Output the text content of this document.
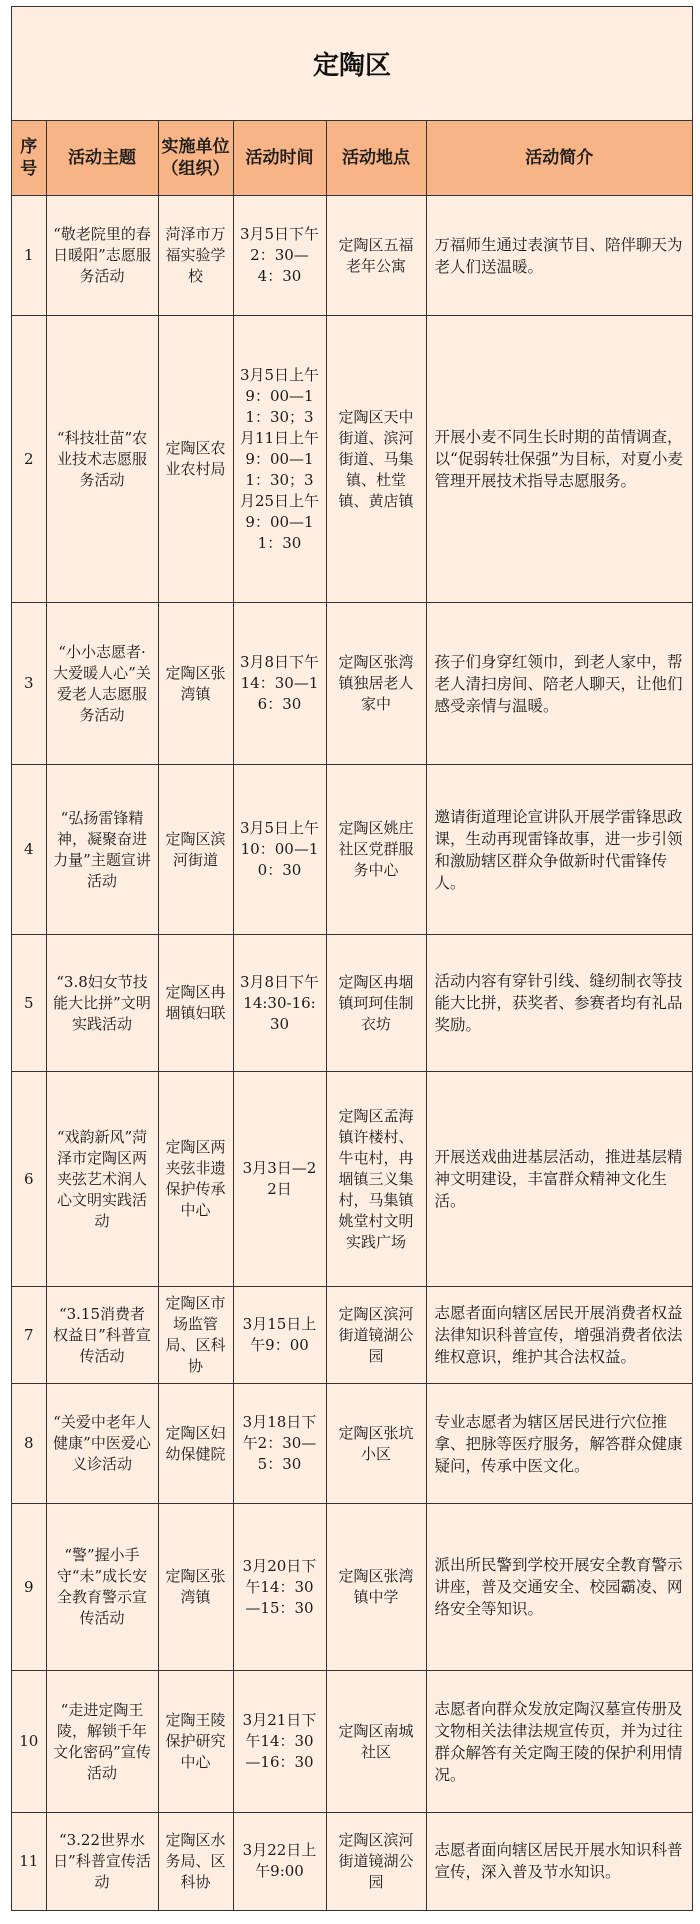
定陶区
序号	活动主题	实施单位（组织）	活动时间	活动地点	活动简介
1	“敬老院里的春日暖阳”志愿服务活动	菏泽市万福实验学校	3月5日下午2：30—4：30	定陶区五福老年公寓	万福师生通过表演节目、陪伴聊天为老人们送温暖。
2	“科技壮苗”农业技术志愿服务活动	定陶区农业农村局	3月5日上午9：00—11：30；3月11日上午9：00—11：30；3月25日上午9：00—11：30	定陶区天中街道、滨河街道、马集镇、杜堂镇、黄店镇	开展小麦不同生长时期的苗情调查，以“促弱转壮保强”为目标，对夏小麦管理开展技术指导志愿服务。
3	“小小志愿者·大爱暖人心”关爱老人志愿服务活动	定陶区张湾镇	3月8日下午14：30—16：30	定陶区张湾镇独居老人家中	孩子们身穿红领巾，到老人家中，帮老人清扫房间、陪老人聊天，让他们感受亲情与温暖。
4	“弘扬雷锋精神，凝聚奋进力量”主题宣讲活动	定陶区滨河街道	3月5日上午10：00—10：30	定陶区姚庄社区党群服务中心	邀请街道理论宣讲队开展学雷锋思政课，生动再现雷锋故事，进一步引领和激励辖区群众争做新时代雷锋传人。
5	“3.8妇女节技能大比拼”文明实践活动	定陶区冉堌镇妇联	3月8日下午14:30-16:30	定陶区冉堌镇珂珂佳制衣坊	活动内容有穿针引线、缝纫制衣等技能大比拼，获奖者、参赛者均有礼品奖励。
6	“戏韵新风”菏泽市定陶区两夹弦艺术润人心文明实践活动	定陶区两夹弦非遗保护传承中心	3月3日—22日	定陶区孟海镇许楼村、牛屯村，冉堌镇三义集村，马集镇姚堂村文明实践广场	开展送戏曲进基层活动，推进基层精神文明建设，丰富群众精神文化生活。
7	“3.15消费者权益日”科普宣传活动	定陶区市场监管局、区科协	3月15日上午9：00	定陶区滨河街道镜湖公园	志愿者面向辖区居民开展消费者权益法律知识科普宣传，增强消费者依法维权意识，维护其合法权益。
8	“关爱中老年人健康”中医爱心义诊活动	定陶区妇幼保健院	3月18日下午2：30—5：30	定陶区张坑小区	专业志愿者为辖区居民进行穴位推拿、把脉等医疗服务，解答群众健康疑问，传承中医文化。
9	“警”握小手 守“未”成长安全教育警示宣传活动	定陶区张湾镇	3月20日下午14：30—15：30	定陶区张湾镇中学	派出所民警到学校开展安全教育警示讲座，普及交通安全、校园霸凌、网络安全等知识。
10	“走进定陶王陵，解锁千年文化密码”宣传活动	定陶王陵保护研究中心	3月21日下午14：30—16：30	定陶区南城社区	志愿者向群众发放定陶汉墓宣传册及文物相关法律法规宣传页，并为过往群众解答有关定陶王陵的保护利用情况。
11	“3.22世界水日”科普宣传活动	定陶区水务局、区科协	3月22日上午9:00	定陶区滨河街道镜湖公园	志愿者面向辖区居民开展水知识科普宣传，深入普及节水知识。
